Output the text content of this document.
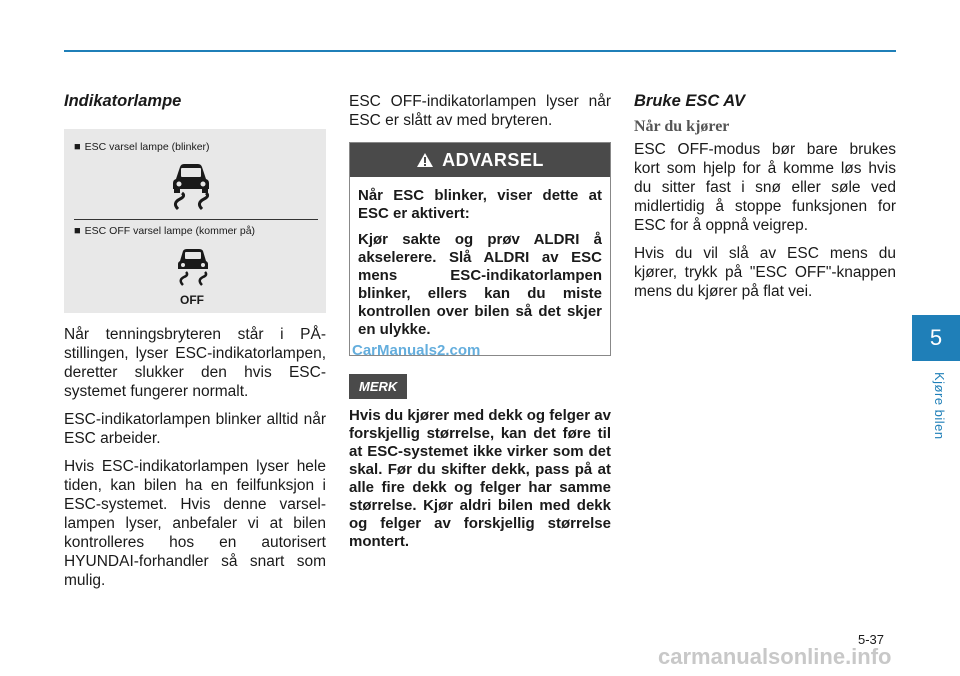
Indikatorlampe
■ ESC varsel lampe (blinker)
■ ESC OFF varsel lampe (kommer på)
OFF

Når tenningsbryteren står i PÅ-stillingen, lyser ESC-indikatorlampen, deretter slukker den hvis ESC-systemet fungerer normalt.

ESC-indikatorlampen blinker alltid når ESC arbeider.

Hvis ESC-indikatorlampen lyser hele tiden, kan bilen ha en feilfunksjon i ESC-systemet. Hvis denne varsel-lampen lyser, anbefaler vi at bilen kontrolleres hos en autorisert HYUNDAI-forhandler så snart som mulig.

ESC OFF-indikatorlampen lyser når ESC er slått av med bryteren.

ADVARSEL

Når ESC blinker, viser dette at ESC er aktivert:

Kjør sakte og prøv ALDRI å akselerere. Slå ALDRI av ESC mens ESC-indikatorlampen blinker, ellers kan du miste kontrollen over bilen så det skjer en ulykke.

MERK

Hvis du kjører med dekk og felger av forskjellig størrelse, kan det føre til at ESC-systemet ikke virker som det skal. Før du skifter dekk, pass på at alle fire dekk og felger har samme størrelse. Kjør aldri bilen med dekk og felger av forskjellig størrelse montert.

Bruke ESC AV
Når du kjører

ESC OFF-modus bør bare brukes kort som hjelp for å komme løs hvis du sitter fast i snø eller søle ved midlertidig å stoppe funksjonen for ESC for å oppnå veigrep.

Hvis du vil slå av ESC mens du kjører, trykk på "ESC OFF"-knappen mens du kjører på flat vei.

CarManuals2.com
5
Kjøre bilen
5-37
carmanualsonline.info
